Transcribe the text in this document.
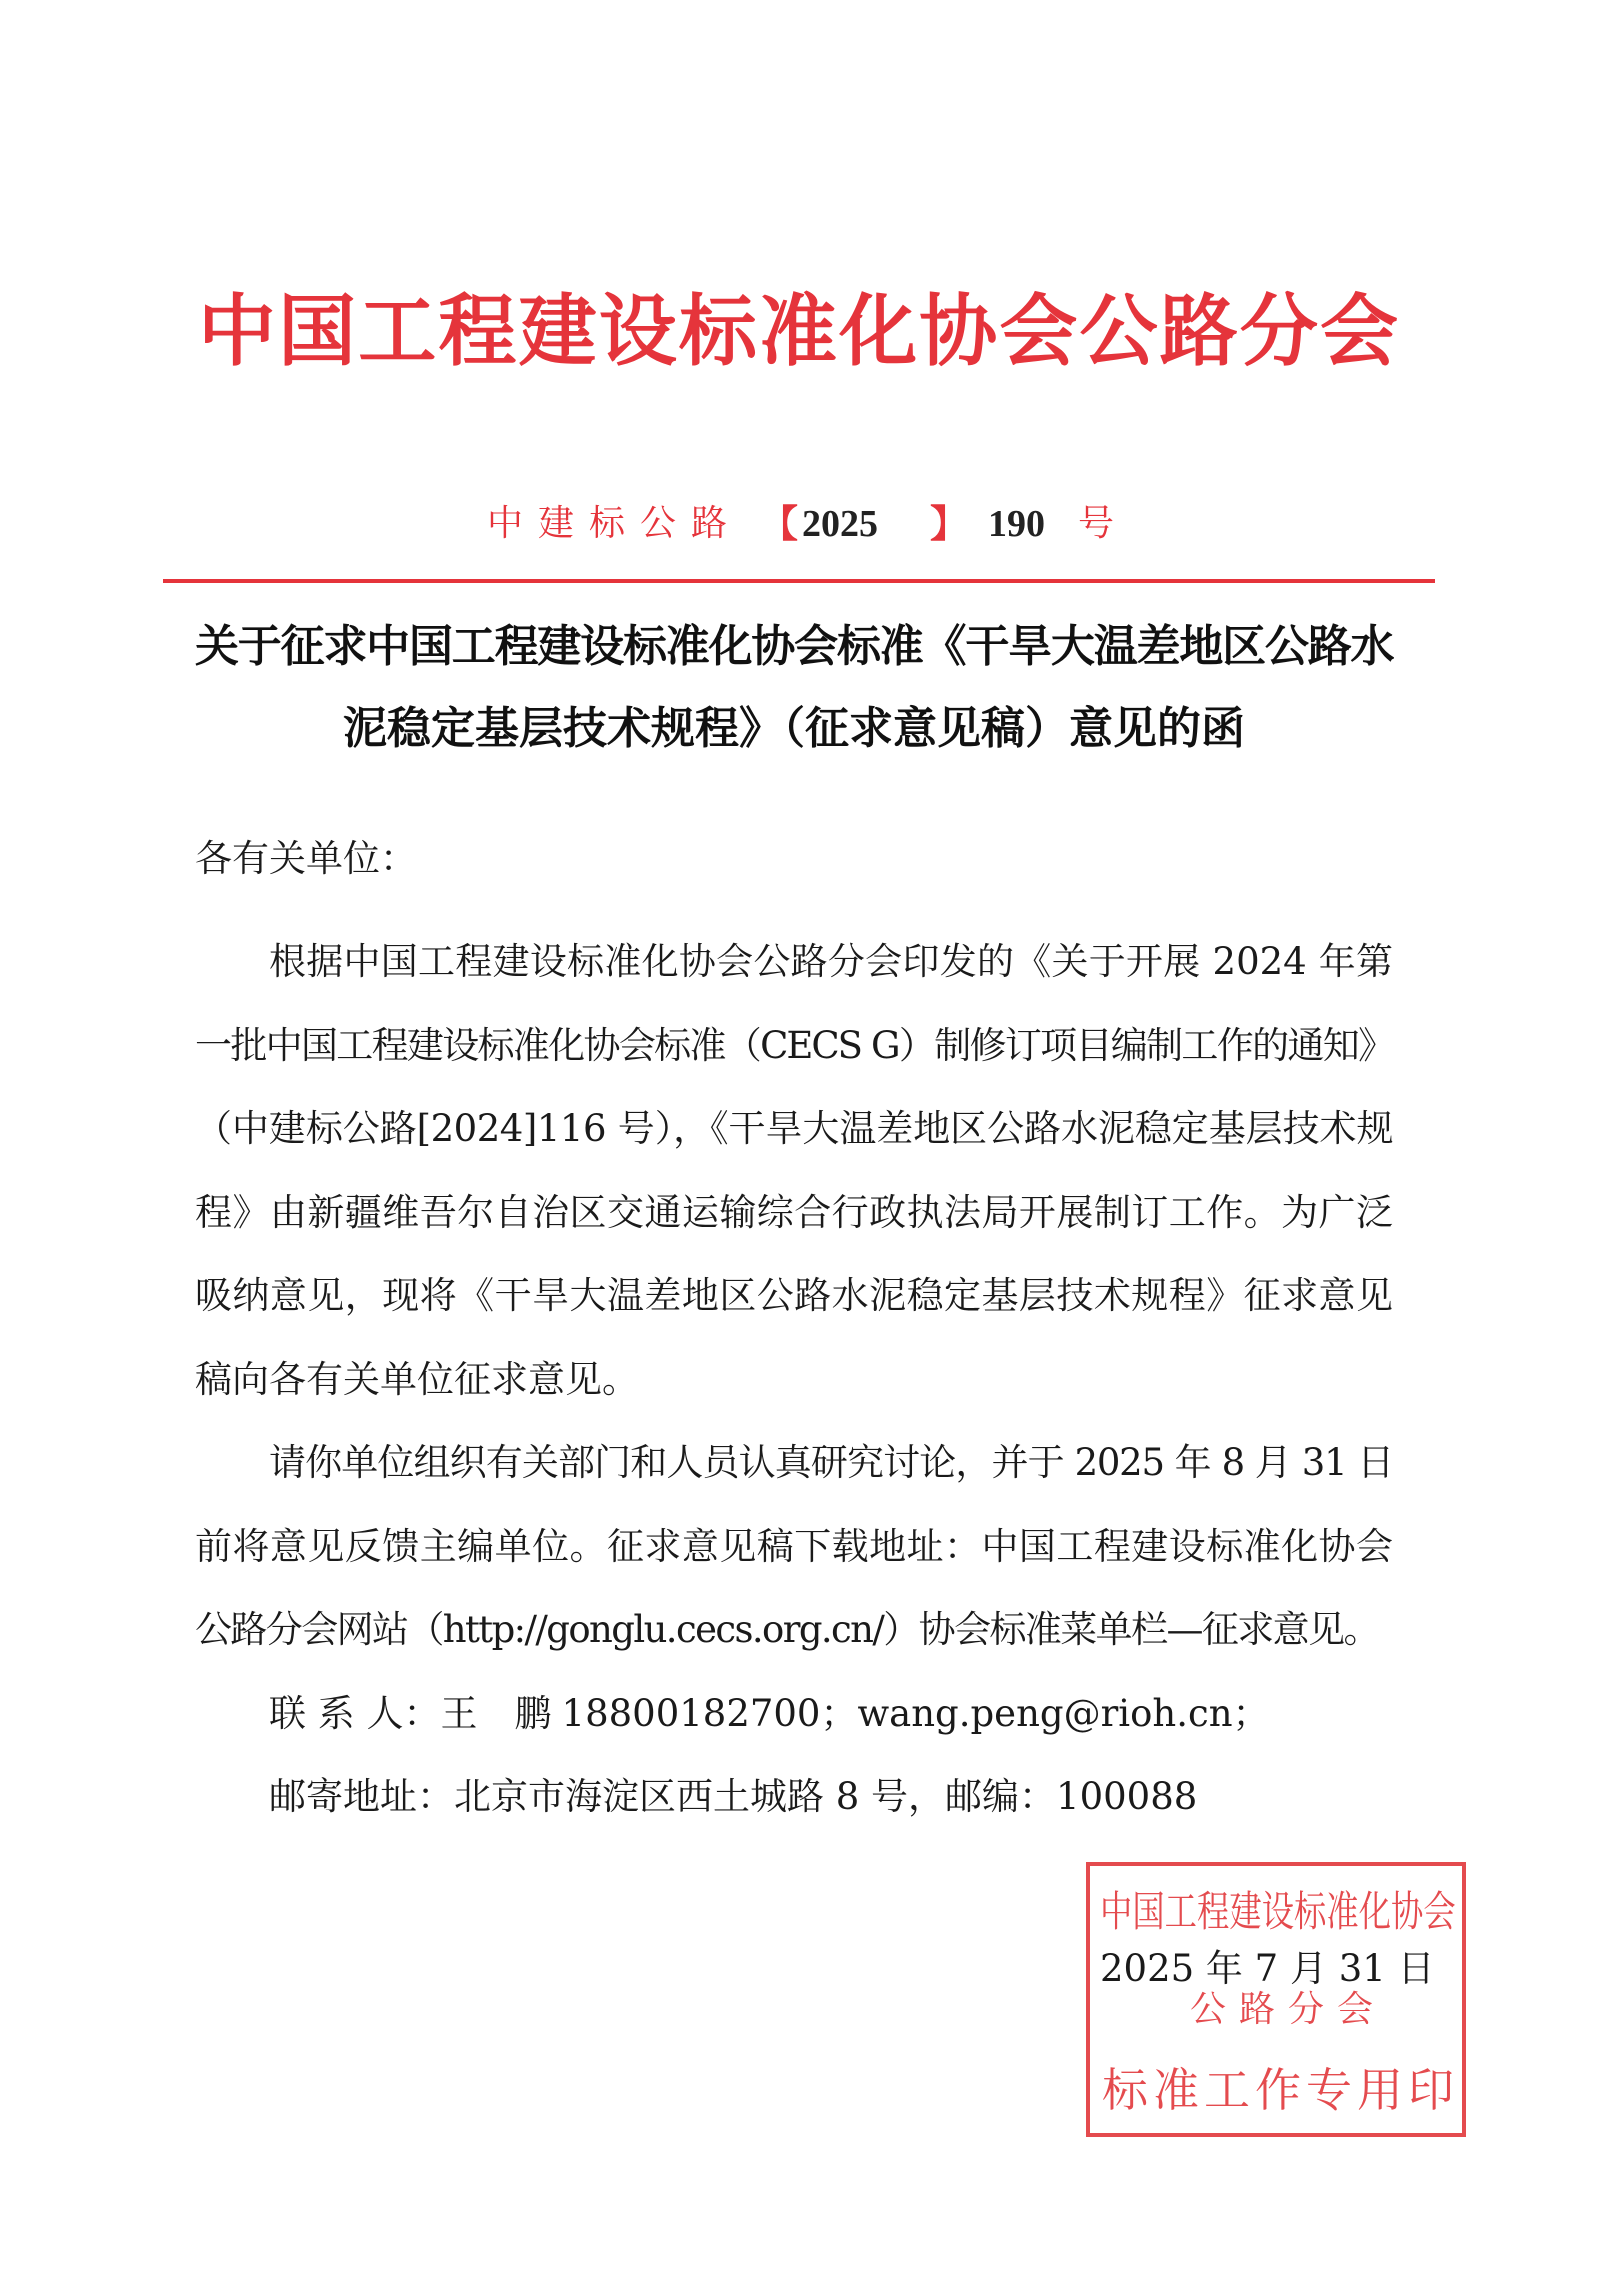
中国工程建设标准化协会公路分会
中建标公路 【 2025 】 190 号
关于征求中国工程建设标准化协会标准《干旱大温差地区公路水
泥稳定基层技术规程》（征求意见稿）意见的函
各有关单位：
根据中国工程建设标准化协会公路分会印发的《关于开展 2024 年第
一批中国工程建设标准化协会标准（CECS G）制修订项目编制工作的通知》
（中建标公路[2024]116 号），《干旱大温差地区公路水泥稳定基层技术规
程》由新疆维吾尔自治区交通运输综合行政执法局开展制订工作。为广泛
吸纳意见，现将《干旱大温差地区公路水泥稳定基层技术规程》征求意见
稿向各有关单位征求意见。
请你单位组织有关部门和人员认真研究讨论，并于 2025 年 8 月 31 日
前将意见反馈主编单位。征求意见稿下载地址：中国工程建设标准化协会
公路分会网站（http://gonglu.cecs.org.cn/）协会标准菜单栏—征求意见。
联 系 人：王　鹏 18800182700；wang.peng@rioh.cn；
邮寄地址：北京市海淀区西土城路 8 号，邮编：100088
2025 年 7 月 31 日
中国工程建设标准化协会
公路分会
标准工作专用印
